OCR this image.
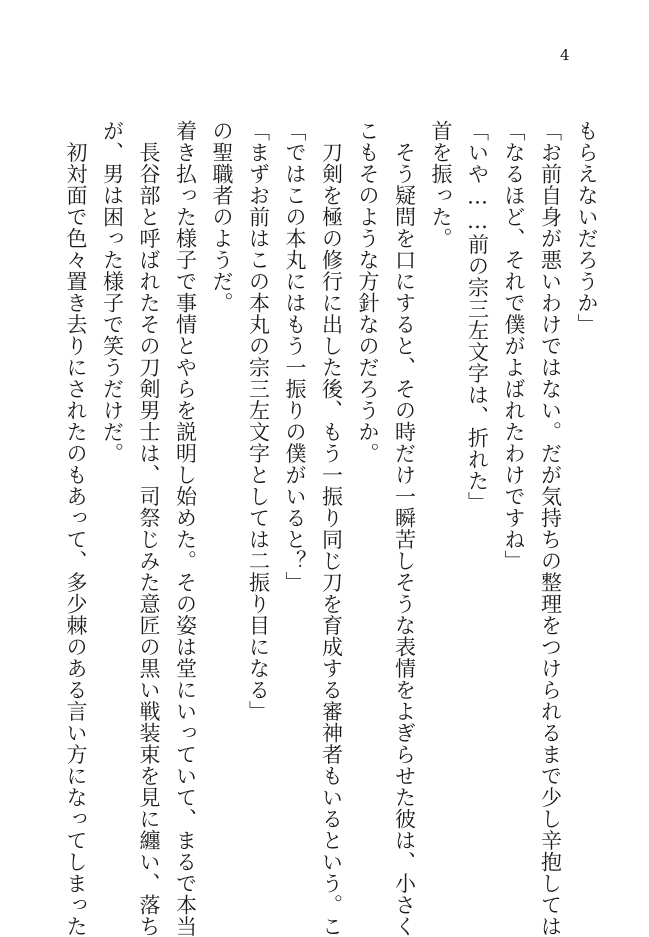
4
　初対面で色々置き去りにされたのもあって、多少棘のある言い方になってしまった が、男は困った様子で笑うだけだ。 　長谷部と呼ばれたその刀剣男士は、司祭じみた意匠の黒い戦装束を見に纏い、落ち 着き払った様子で事情とやらを説明し始めた。その姿は堂にいっていて、まるで本当 の聖職者のようだ。 「まずお前はこの本丸の宗三左文字としては二振り目になる」 「ではこの本丸にはもう一振りの僕がいると？」 　刀剣を極の修行に出した後、もう一振り同じ刀を育成する審神者もいるという。こ こもそのような方針なのだろうか。 　そう疑問を口にすると、その時だけ一瞬苦しそうな表情をよぎらせた彼は、小さく 首を振った。 「いや……前の宗三左文字は、折れた」 「なるほど、それで僕がよばれたわけですね」 「お前自身が悪いわけではない。だが気持ちの整理をつけられるまで少し辛抱しては もらえないだろうか」
